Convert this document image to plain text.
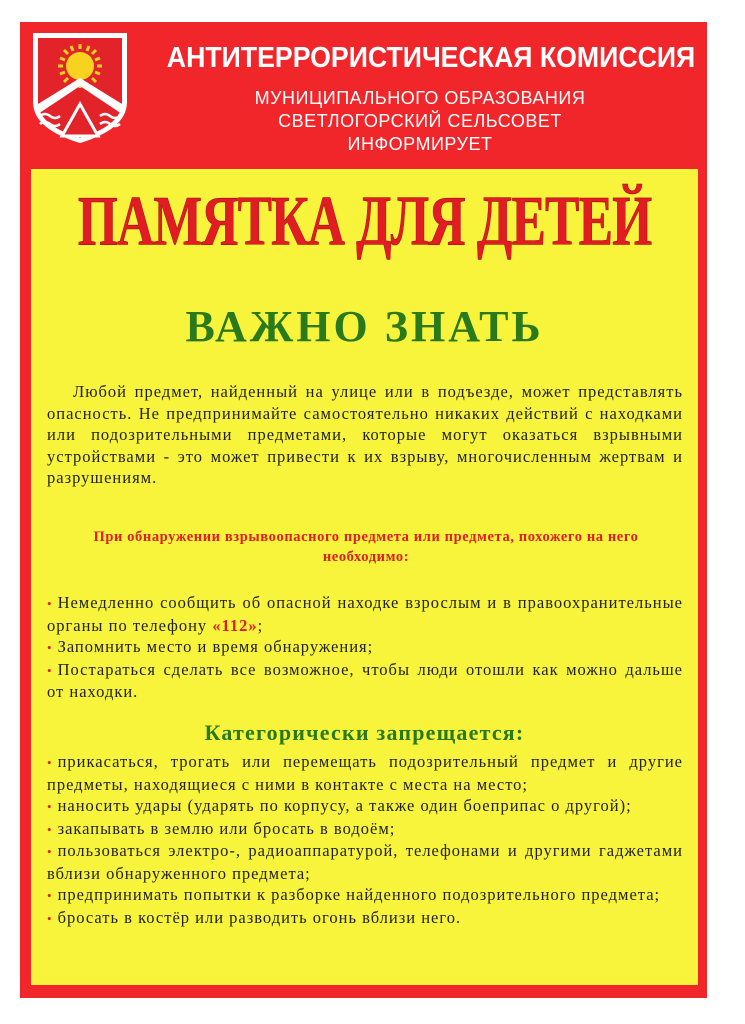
АНТИТЕРРОРИСТИЧЕСКАЯ КОМИССИЯ
МУНИЦИПАЛЬНОГО ОБРАЗОВАНИЯ
СВЕТЛОГОРСКИЙ СЕЛЬСОВЕТ
ИНФОРМИРУЕТ
ПАМЯТКА ДЛЯ ДЕТЕЙ
ВАЖНО ЗНАТЬ
Любой предмет, найденный на улице или в подъезде, может представлять опасность. Не предпринимайте самостоятельно никаких действий с находками или подозрительными предметами, которые могут оказаться взрывными устройствами - это может привести к их взрыву, многочисленным жертвам и разрушениям.
При обнаружении взрывоопасного предмета или предмета, похожего на него необходимо:
• Немедленно сообщить об опасной находке взрослым и в правоохранительные органы по телефону «112»;
• Запомнить место и время обнаружения;
• Постараться сделать все возможное, чтобы люди отошли как можно дальше от находки.
Категорически запрещается:
• прикасаться, трогать или перемещать подозрительный предмет и другие предметы, находящиеся с ними в контакте с места на место;
• наносить удары (ударять по корпусу, а также один боеприпас о другой);
• закапывать в землю или бросать в водоём;
• пользоваться электро-, радиоаппаратурой, телефонами и другими гаджетами вблизи обнаруженного предмета;
• предпринимать попытки к разборке найденного подозрительного предмета;
• бросать в костёр или разводить огонь вблизи него.
